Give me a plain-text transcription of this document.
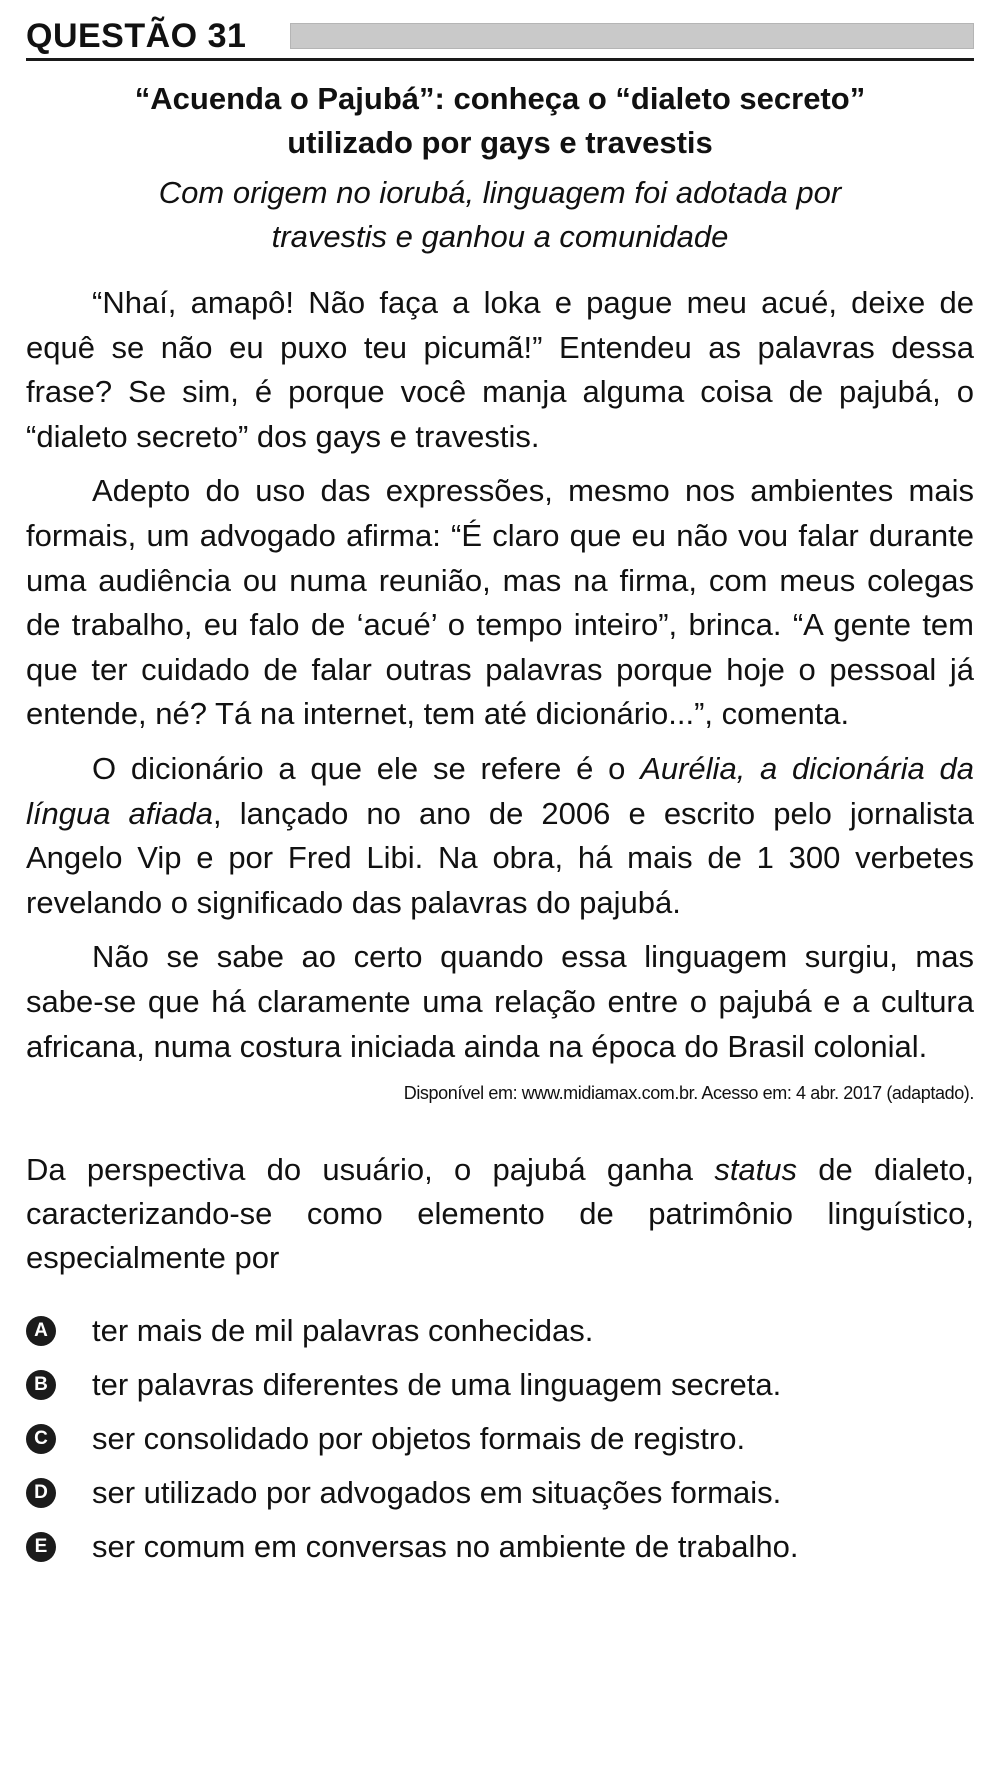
QUESTÃO 31
“Acuenda o Pajubá”: conheça o “dialeto secreto”
utilizado por gays e travestis
Com origem no iorubá, linguagem foi adotada por
travestis e ganhou a comunidade

“Nhaí, amapô! Não faça a loka e pague meu acué, deixe de equê se não eu puxo teu picumã!” Entendeu as palavras dessa frase? Se sim, é porque você manja alguma coisa de pajubá, o “dialeto secreto” dos gays e travestis.

Adepto do uso das expressões, mesmo nos ambientes mais formais, um advogado afirma: “É claro que eu não vou falar durante uma audiência ou numa reunião, mas na firma, com meus colegas de trabalho, eu falo de ‘acué’ o tempo inteiro”, brinca. “A gente tem que ter cuidado de falar outras palavras porque hoje o pessoal já entende, né? Tá na internet, tem até dicionário...”, comenta.

O dicionário a que ele se refere é o Aurélia, a dicionária da língua afiada, lançado no ano de 2006 e escrito pelo jornalista Angelo Vip e por Fred Libi. Na obra, há mais de 1 300 verbetes revelando o significado das palavras do pajubá.

Não se sabe ao certo quando essa linguagem surgiu, mas sabe-se que há claramente uma relação entre o pajubá e a cultura africana, numa costura iniciada ainda na época do Brasil colonial.

Disponível em: www.midiamax.com.br. Acesso em: 4 abr. 2017 (adaptado).
Da perspectiva do usuário, o pajubá ganha status de dialeto, caracterizando-se como elemento de patrimônio linguístico, especialmente por
A ter mais de mil palavras conhecidas.
B ter palavras diferentes de uma linguagem secreta.
C ser consolidado por objetos formais de registro.
D ser utilizado por advogados em situações formais.
E ser comum em conversas no ambiente de trabalho.
